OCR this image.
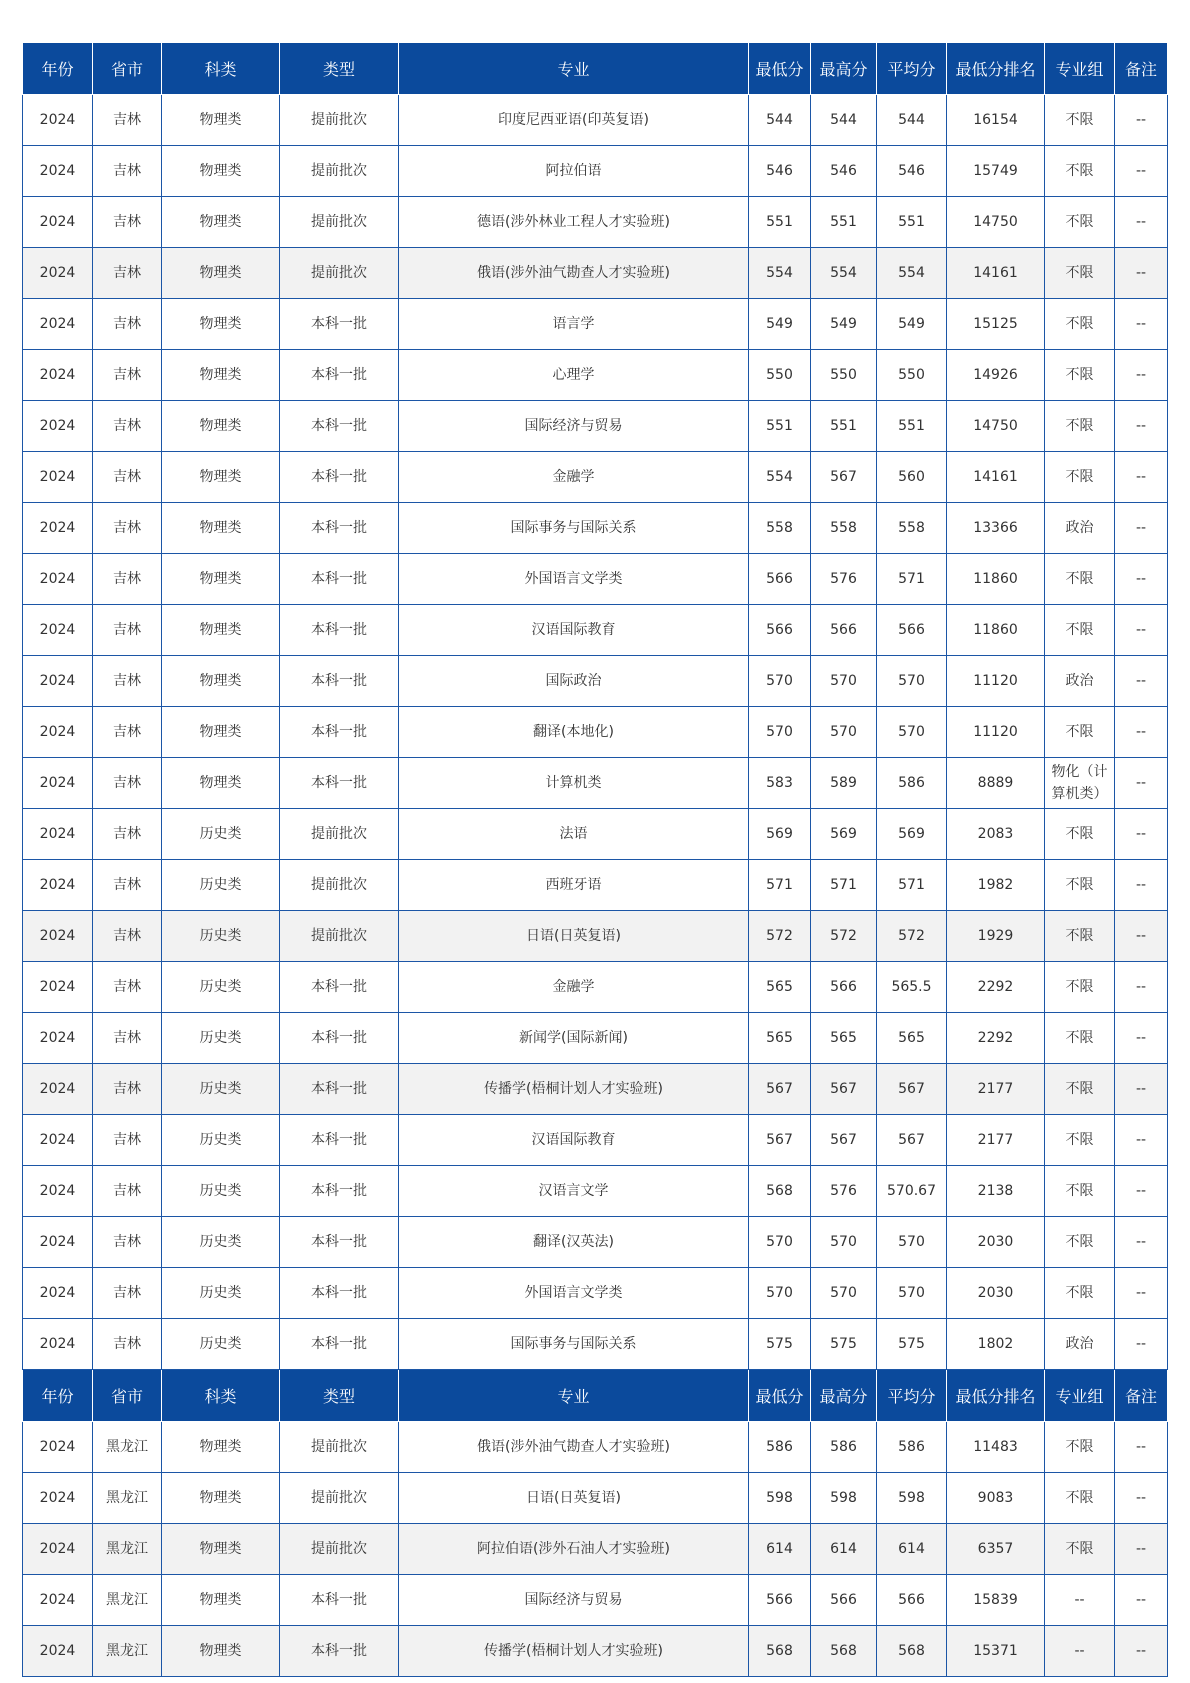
年份	省市	科类	类型	专业	最低分	最高分	平均分	最低分排名	专业组	备注
2024	吉林	物理类	提前批次	印度尼西亚语(印英复语)	544	544	544	16154	不限	--
2024	吉林	物理类	提前批次	阿拉伯语	546	546	546	15749	不限	--
2024	吉林	物理类	提前批次	德语(涉外林业工程人才实验班)	551	551	551	14750	不限	--
2024	吉林	物理类	提前批次	俄语(涉外油气勘查人才实验班)	554	554	554	14161	不限	--
2024	吉林	物理类	本科一批	语言学	549	549	549	15125	不限	--
2024	吉林	物理类	本科一批	心理学	550	550	550	14926	不限	--
2024	吉林	物理类	本科一批	国际经济与贸易	551	551	551	14750	不限	--
2024	吉林	物理类	本科一批	金融学	554	567	560	14161	不限	--
2024	吉林	物理类	本科一批	国际事务与国际关系	558	558	558	13366	政治	--
2024	吉林	物理类	本科一批	外国语言文学类	566	576	571	11860	不限	--
2024	吉林	物理类	本科一批	汉语国际教育	566	566	566	11860	不限	--
2024	吉林	物理类	本科一批	国际政治	570	570	570	11120	政治	--
2024	吉林	物理类	本科一批	翻译(本地化)	570	570	570	11120	不限	--
2024	吉林	物理类	本科一批	计算机类	583	589	586	8889	物化（计算机类）	--
2024	吉林	历史类	提前批次	法语	569	569	569	2083	不限	--
2024	吉林	历史类	提前批次	西班牙语	571	571	571	1982	不限	--
2024	吉林	历史类	提前批次	日语(日英复语)	572	572	572	1929	不限	--
2024	吉林	历史类	本科一批	金融学	565	566	565.5	2292	不限	--
2024	吉林	历史类	本科一批	新闻学(国际新闻)	565	565	565	2292	不限	--
2024	吉林	历史类	本科一批	传播学(梧桐计划人才实验班)	567	567	567	2177	不限	--
2024	吉林	历史类	本科一批	汉语国际教育	567	567	567	2177	不限	--
2024	吉林	历史类	本科一批	汉语言文学	568	576	570.67	2138	不限	--
2024	吉林	历史类	本科一批	翻译(汉英法)	570	570	570	2030	不限	--
2024	吉林	历史类	本科一批	外国语言文学类	570	570	570	2030	不限	--
2024	吉林	历史类	本科一批	国际事务与国际关系	575	575	575	1802	政治	--
年份	省市	科类	类型	专业	最低分	最高分	平均分	最低分排名	专业组	备注
2024	黑龙江	物理类	提前批次	俄语(涉外油气勘查人才实验班)	586	586	586	11483	不限	--
2024	黑龙江	物理类	提前批次	日语(日英复语)	598	598	598	9083	不限	--
2024	黑龙江	物理类	提前批次	阿拉伯语(涉外石油人才实验班)	614	614	614	6357	不限	--
2024	黑龙江	物理类	本科一批	国际经济与贸易	566	566	566	15839	--	--
2024	黑龙江	物理类	本科一批	传播学(梧桐计划人才实验班)	568	568	568	15371	--	--
